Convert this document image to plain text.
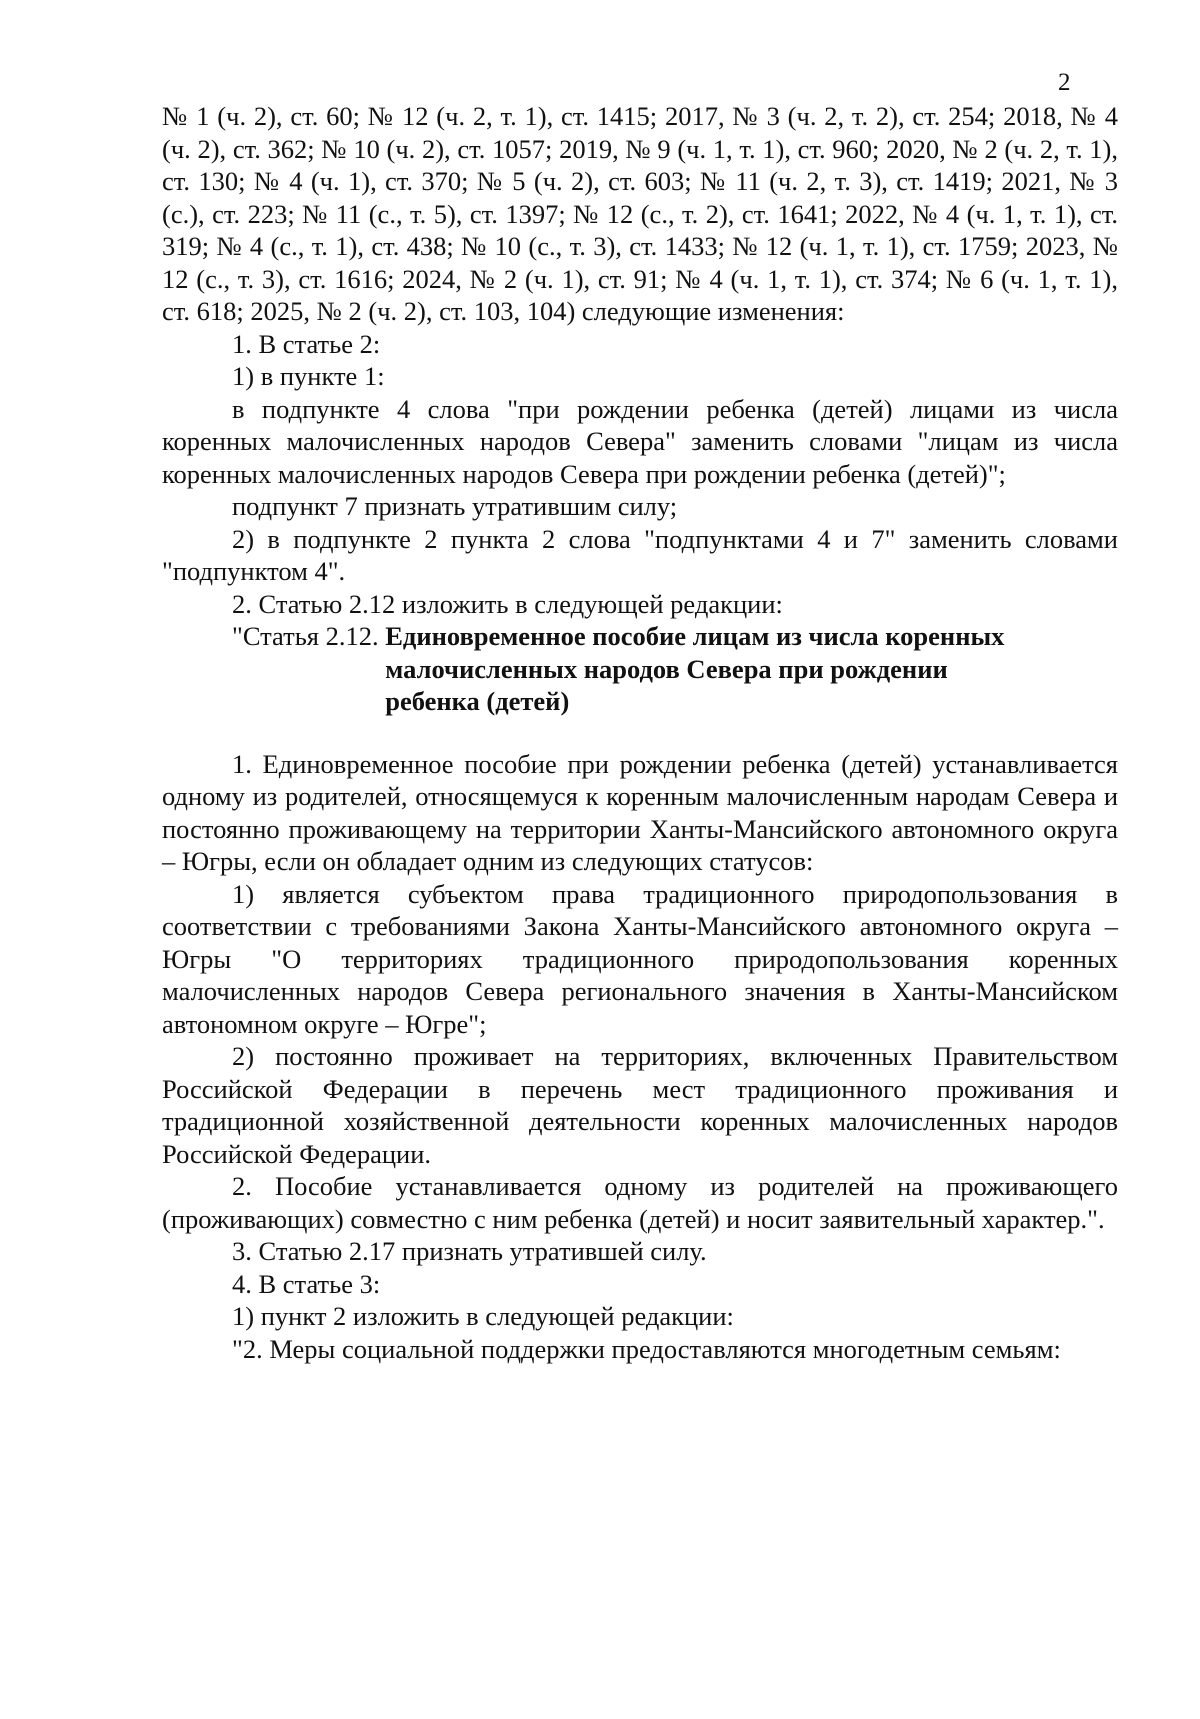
2

№ 1 (ч. 2), ст. 60; № 12 (ч. 2, т. 1), ст. 1415; 2017, № 3 (ч. 2, т. 2), ст. 254; 2018, № 4 (ч. 2), ст. 362; № 10 (ч. 2), ст. 1057; 2019, № 9 (ч. 1, т. 1), ст. 960; 2020, № 2 (ч. 2, т. 1), ст. 130; № 4 (ч. 1), ст. 370; № 5 (ч. 2), ст. 603; № 11 (ч. 2, т. 3), ст. 1419; 2021, № 3 (с.), ст. 223; № 11 (с., т. 5), ст. 1397; № 12 (с., т. 2), ст. 1641; 2022, № 4 (ч. 1, т. 1), ст. 319; № 4 (с., т. 1), ст. 438; № 10 (с., т. 3), ст. 1433; № 12 (ч. 1, т. 1), ст. 1759; 2023, № 12 (с., т. 3), ст. 1616; 2024, № 2 (ч. 1), ст. 91; № 4 (ч. 1, т. 1), ст. 374; № 6 (ч. 1, т. 1), ст. 618; 2025, № 2 (ч. 2), ст. 103, 104) следующие изменения:

1. В статье 2:

1) в пункте 1:

в подпункте 4 слова "при рождении ребенка (детей) лицами из числа коренных малочисленных народов Севера" заменить словами "лицам из числа коренных малочисленных народов Севера при рождении ребенка (детей)";

подпункт 7 признать утратившим силу;

2) в подпункте 2 пункта 2 слова "подпунктами 4 и 7" заменить словами "подпунктом 4".

2. Статью 2.12 изложить в следующей редакции:

"Статья 2.12. Единовременное пособие лицам из числа коренных малочисленных народов Севера при рождении ребенка (детей)

1. Единовременное пособие при рождении ребенка (детей) устанавливается одному из родителей, относящемуся к коренным малочисленным народам Севера и постоянно проживающему на территории Ханты-Мансийского автономного округа – Югры, если он обладает одним из следующих статусов:

1) является субъектом права традиционного природопользования в соответствии с требованиями Закона Ханты-Мансийского автономного округа – Югры "О территориях традиционного природопользования коренных малочисленных народов Севера регионального значения в Ханты-Мансийском автономном округе – Югре";

2) постоянно проживает на территориях, включенных Правительством Российской Федерации в перечень мест традиционного проживания и традиционной хозяйственной деятельности коренных малочисленных народов Российской Федерации.

2. Пособие устанавливается одному из родителей на проживающего (проживающих) совместно с ним ребенка (детей) и носит заявительный характер.".

3. Статью 2.17 признать утратившей силу.

4. В статье 3:

1) пункт 2 изложить в следующей редакции:

"2. Меры социальной поддержки предоставляются многодетным семьям:
